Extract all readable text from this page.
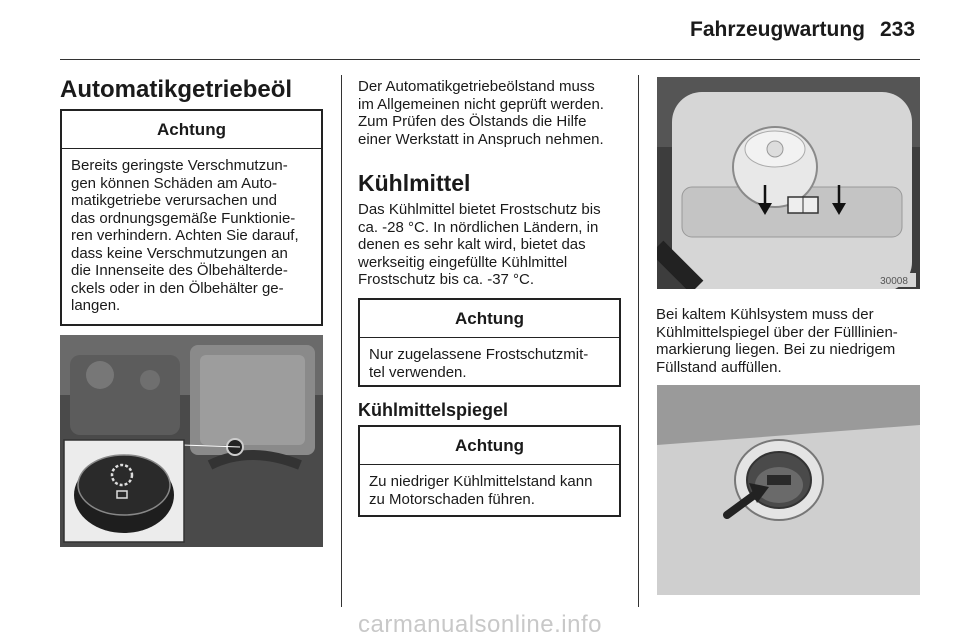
Fahrzeugwartung 233
Automatikgetriebeöl
Achtung
Bereits geringste Verschmutzun-
gen können Schäden am Auto-
matikgetriebe verursachen und
das ordnungsgemäße Funktionie-
ren verhindern. Achten Sie darauf,
dass keine Verschmutzungen an
die Innenseite des Ölbehälterde-
ckels oder in den Ölbehälter ge-
langen.
Der Automatikgetriebeölstand muss
im Allgemeinen nicht geprüft werden.
Zum Prüfen des Ölstands die Hilfe
einer Werkstatt in Anspruch nehmen.
Kühlmittel
Das Kühlmittel bietet Frostschutz bis
ca. -28 °C. In nördlichen Ländern, in
denen es sehr kalt wird, bietet das
werkseitig eingefüllte Kühlmittel
Frostschutz bis ca. -37 °C.
Achtung
Nur zugelassene Frostschutzmit-
tel verwenden.
Kühlmittelspiegel
Achtung
Zu niedriger Kühlmittelstand kann
zu Motorschaden führen.
30008
Bei kaltem Kühlsystem muss der
Kühlmittelspiegel über der Fülllinien-
markierung liegen. Bei zu niedrigem
Füllstand auffüllen.
carmanualsonline.info
